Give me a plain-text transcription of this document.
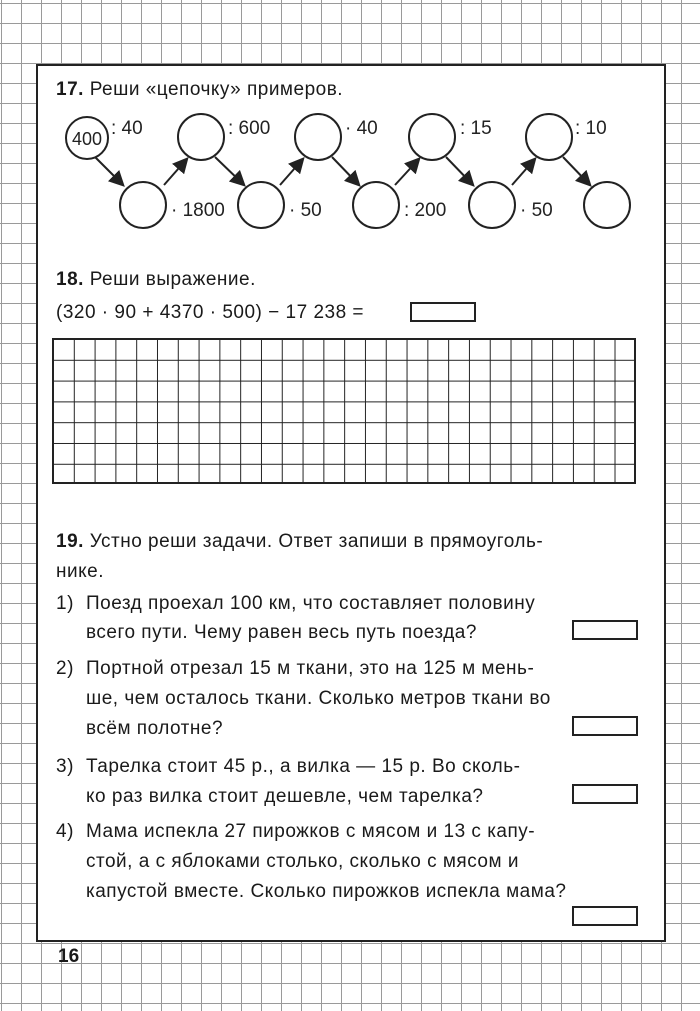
17. Реши «цепочку» примеров.
400 : 40
· 1800
: 600
· 50
· 40
: 200
: 15
· 50
: 10
18. Реши выражение.
(320 · 90 + 4370 · 500) − 17 238 =
19. Устно реши задачи. Ответ запиши в прямоуголь-
нике.
1) Поезд проехал 100 км, что составляет половину
всего пути. Чему равен весь путь поезда?
2) Портной отрезал 15 м ткани, это на 125 м мень-
ше, чем осталось ткани. Сколько метров ткани во
всём полотне?
3) Тарелка стоит 45 р., а вилка — 15 р. Во сколь-
ко раз вилка стоит дешевле, чем тарелка?
4) Мама испекла 27 пирожков с мясом и 13 с капу-
стой, а с яблоками столько, сколько с мясом и
капустой вместе. Сколько пирожков испекла мама?
16
